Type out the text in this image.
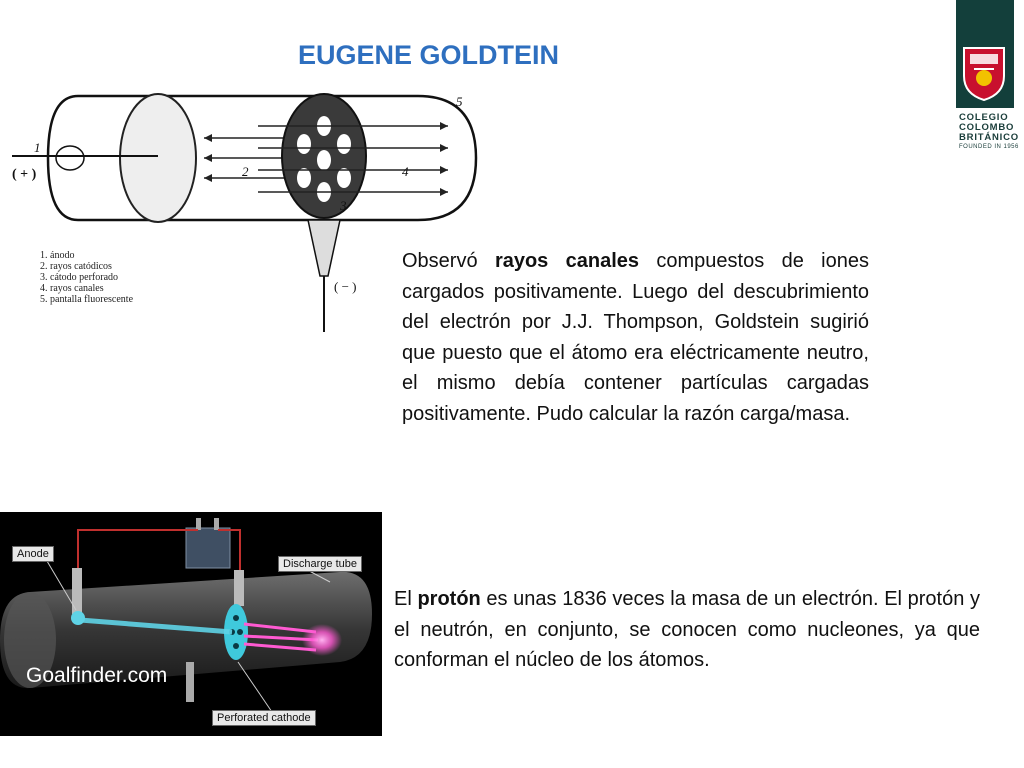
EUGENE GOLDTEIN
COLEGIO
COLOMBO
BRITÁNICO
FOUNDED IN 1956
1
2
3
4
5
( + )
( − )
1. ánodo
2. rayos catódicos
3. cátodo perforado
4. rayos canales
5. pantalla fluorescente
Observó rayos canales compuestos de iones cargados positivamente. Luego del descubrimiento del electrón por J.J. Thompson, Goldstein sugirió que puesto que el átomo era eléctricamente neutro, el mismo debía contener partículas cargadas positivamente. Pudo calcular la razón carga/masa.
Anode
Discharge tube
Perforated cathode
Goalfinder.com
El protón es unas 1836 veces la masa de un electrón. El protón y el neutrón, en conjunto, se conocen como nucleones, ya que conforman el núcleo de los átomos.
